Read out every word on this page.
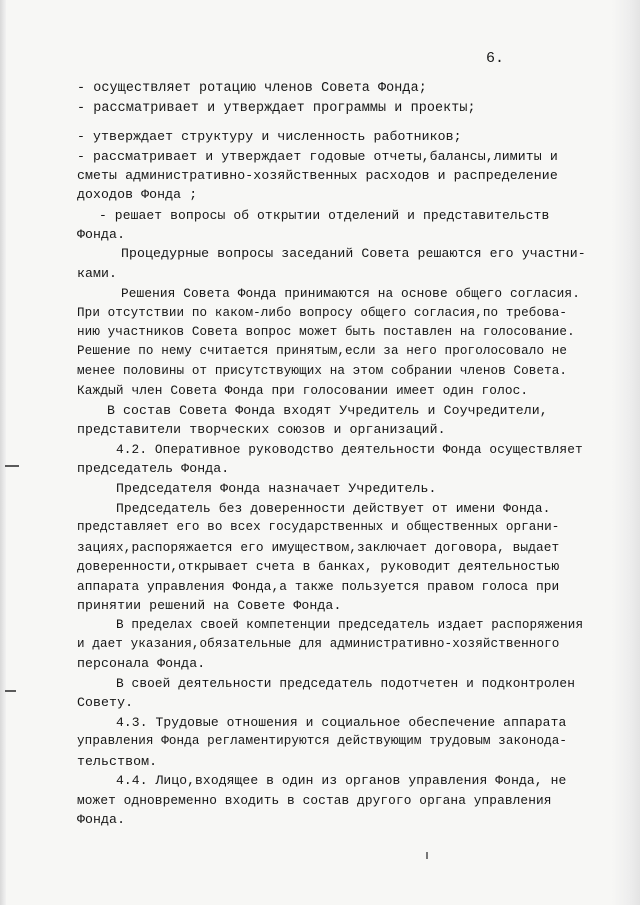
6.
- осуществляет ротацию членов Совета Фонда;
- рассматривает и утверждает программы и проекты;
- утверждает структуру и численность работников;
- рассматривает и утверждает годовые отчеты,балансы,лимиты и
сметы административно-хозяйственных расходов и распределение
доходов Фонда ;
- решает вопросы об открытии отделений и представительств
Фонда.
Процедурные вопросы заседаний Совета решаются его участни-
ками.
Решения Совета Фонда принимаются на основе общего согласия.
При отсутствии по каком-либо вопросу общего согласия,по требова-
нию участников Совета вопрос может быть поставлен на голосование.
Решение по нему считается принятым,если за него проголосовало не
менее половины от присутствующих на этом собрании членов Совета.
Каждый член Совета Фонда при голосовании имеет один голос.
В состав Совета Фонда входят Учредитель и Соучредители,
представители творческих союзов и организаций.
4.2. Оперативное руководство деятельности Фонда осуществляет
председатель Фонда.
Председателя Фонда назначает Учредитель.
Председатель без доверенности действует от имени Фонда.
представляет его во всех государственных и общественных органи-
зациях,распоряжается его имуществом,заключает договора, выдает
доверенности,открывает счета в банках, руководит деятельностью
аппарата управления Фонда,а также пользуется правом голоса при
принятии решений на Совете Фонда.
В пределах своей компетенции председатель издает распоряжения
и дает указания,обязательные для административно-хозяйственного
персонала Фонда.
В своей деятельности председатель подотчетен и подконтролен
Совету.
4.3. Трудовые отношения и социальное обеспечение аппарата
управления Фонда регламентируются действующим трудовым законода-
тельством.
4.4. Лицо,входящее в один из органов управления Фонда, не
может одновременно входить в состав другого органа управления
Фонда.
